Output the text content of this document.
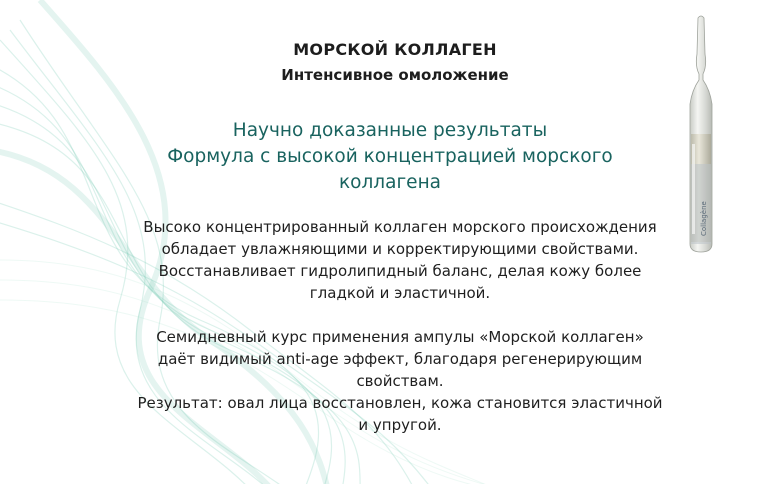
Collagène
МОРСКОЙ КОЛЛАГЕН
Интенсивное омоложение
Научно доказанные результаты
Формула с высокой концентрацией морского
коллагена
Высоко концентрированный коллаген морского происхождения
обладает увлажняющими и корректирующими свойствами.
Восстанавливает гидролипидный баланс, делая кожу более
гладкой и эластичной.
Семидневный курс применения ампулы «Морской коллаген»
даёт видимый anti-age эффект, благодаря регенерирующим
свойствам.
Результат: овал лица восстановлен, кожа становится эластичной
и упругой.
